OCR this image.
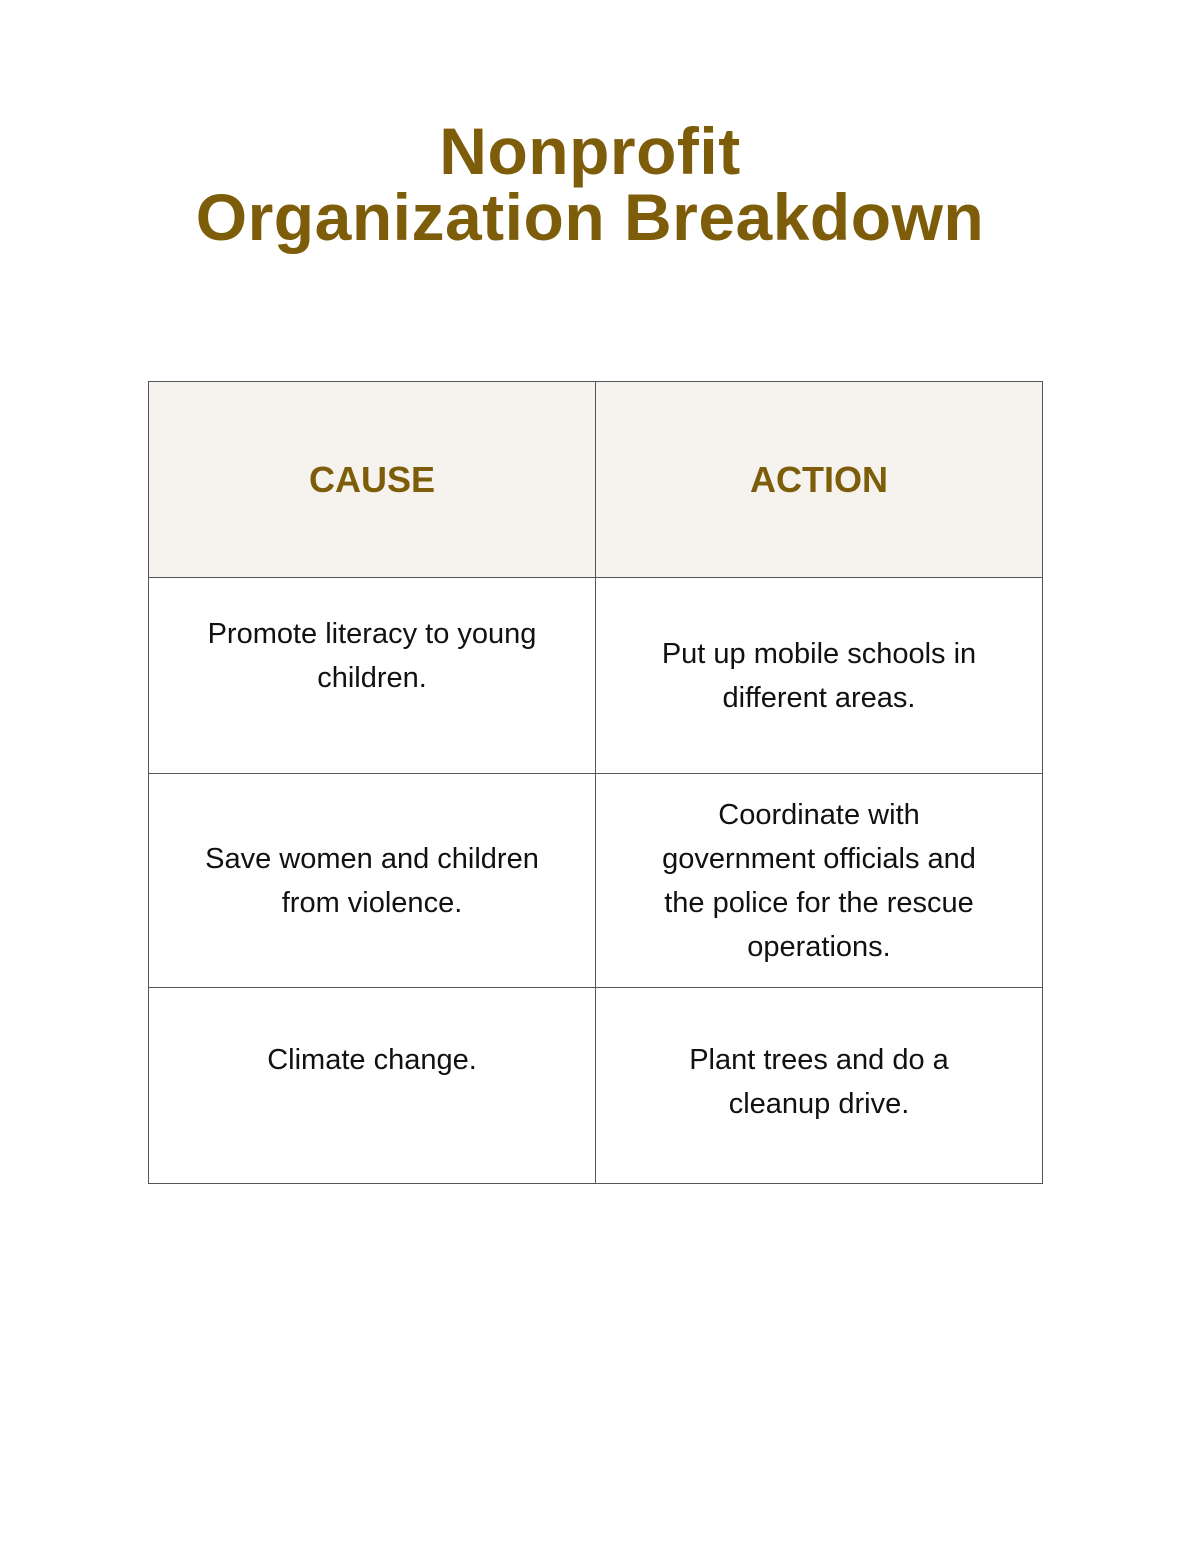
Nonprofit
Organization Breakdown
CAUSE	ACTION

Promote literacy to young children.	Put up mobile schools in different areas.

Save women and children from violence.	Coordinate with government officials and the police for the rescue operations.

Climate change.	Plant trees and do a cleanup drive.
